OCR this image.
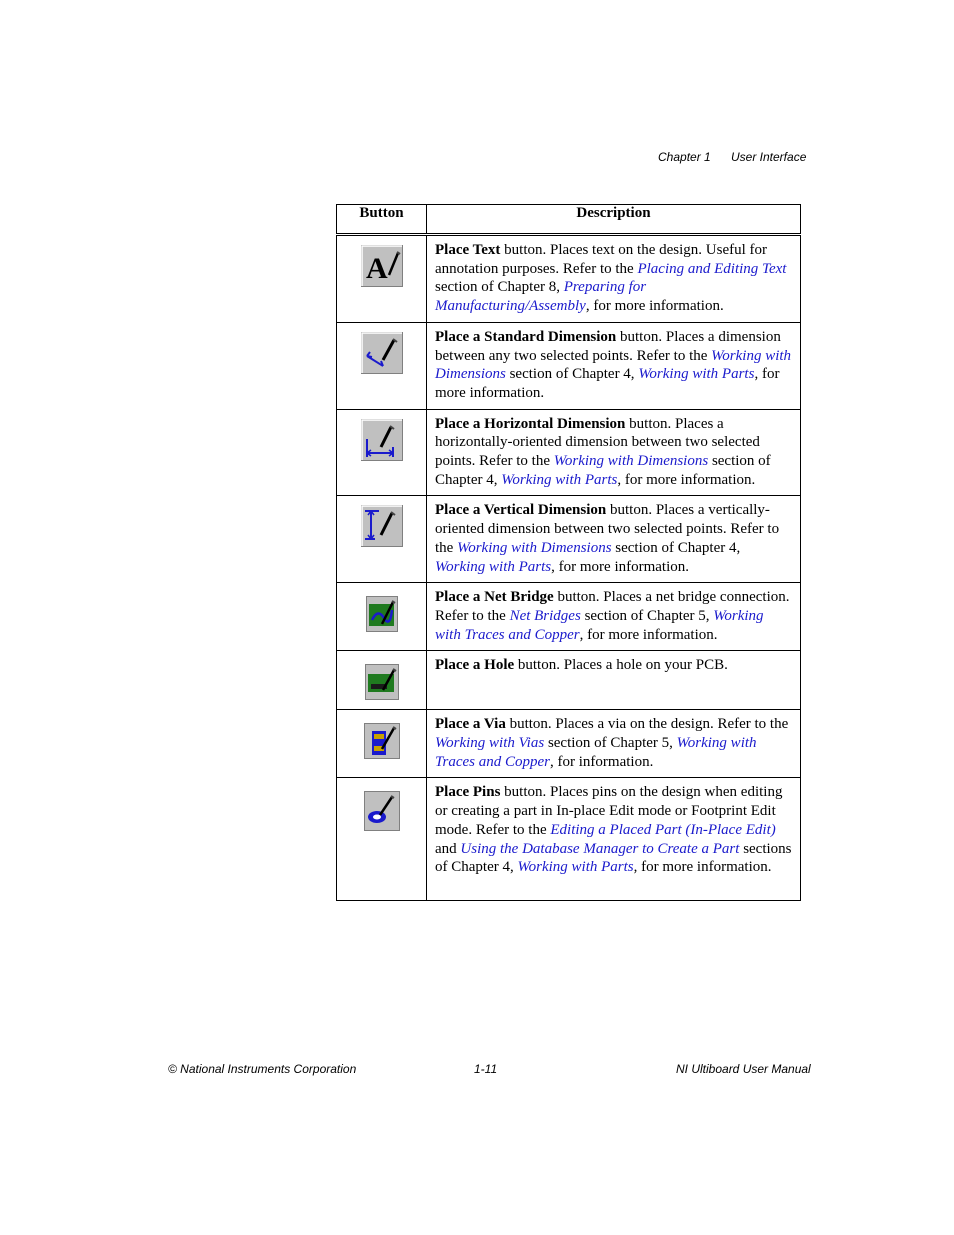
Chapter 1 User Interface
Button	Description

A	Place Text button. Places text on the design. Useful for annotation purposes. Refer to the Placing and Editing Text section of Chapter 8, Preparing for Manufacturing/Assembly, for more information.

	Place a Standard Dimension button. Places a dimension between any two selected points. Refer to the Working with Dimensions section of Chapter 4, Working with Parts, for more information.

	Place a Horizontal Dimension button. Places a horizontally-oriented dimension between two selected points. Refer to the Working with Dimensions section of Chapter 4, Working with Parts, for more information.

	Place a Vertical Dimension button. Places a vertically-oriented dimension between two selected points. Refer to the Working with Dimensions section of Chapter 4, Working with Parts, for more information.

	Place a Net Bridge button. Places a net bridge connection. Refer to the Net Bridges section of Chapter 5, Working with Traces and Copper, for more information.

	Place a Hole button. Places a hole on your PCB.

	Place a Via button. Places a via on the design. Refer to the Working with Vias section of Chapter 5, Working with Traces and Copper, for information.

	Place Pins button. Places pins on the design when editing or creating a part in In-place Edit mode or Footprint Edit mode. Refer to the Editing a Placed Part (In-Place Edit) and Using the Database Manager to Create a Part sections of Chapter 4, Working with Parts, for more information.
© National Instruments Corporation	1-11	NI Ultiboard User Manual
